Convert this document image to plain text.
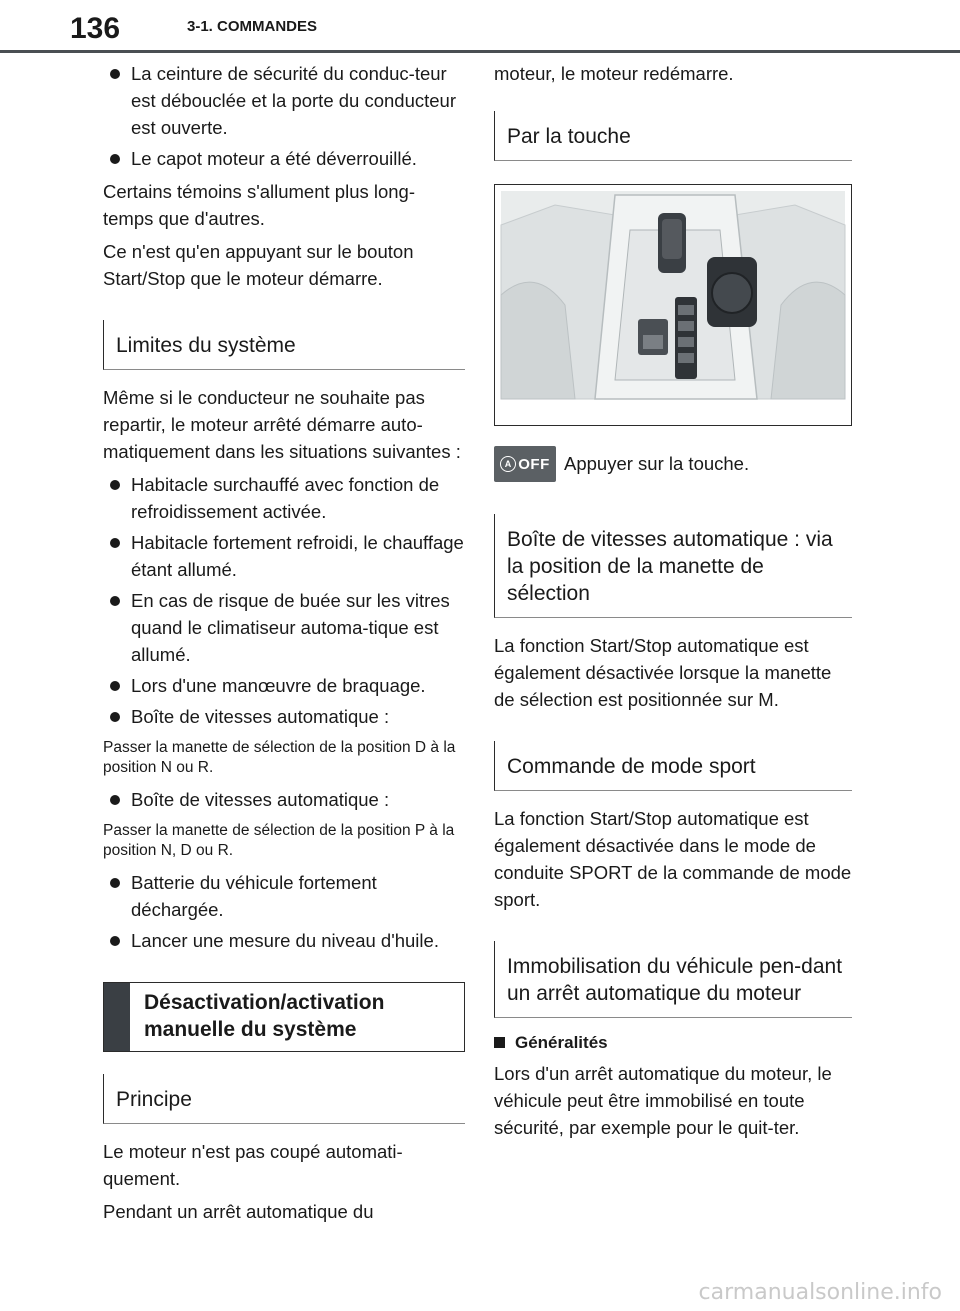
136	3-1. COMMANDES
La ceinture de sécurité du conduc-teur est débouclée et la porte du conducteur est ouverte.
Le capot moteur a été déverrouillé.

Certains témoins s'allument plus long-temps que d'autres.

Ce n'est qu'en appuyant sur le bouton Start/Stop que le moteur démarre.

Limites du système

Même si le conducteur ne souhaite pas repartir, le moteur arrêté démarre auto-matiquement dans les situations suivantes :

Habitacle surchauffé avec fonction de refroidissement activée.
Habitacle fortement refroidi, le chauffage étant allumé.
En cas de risque de buée sur les vitres quand le climatiseur automa-tique est allumé.
Lors d'une manœuvre de braquage.
Boîte de vitesses automatique :
Passer la manette de sélection de la position D à la position N ou R.
Boîte de vitesses automatique :
Passer la manette de sélection de la position P à la position N, D ou R.
Batterie du véhicule fortement déchargée.
Lancer une mesure du niveau d'huile.
Désactivation/activation manuelle du système
Principe

Le moteur n'est pas coupé automati-quement.

Pendant un arrêt automatique du

moteur, le moteur redémarre.

Par la touche
A OFF Appuyer sur la touche.
Boîte de vitesses automatique : via la position de la manette de sélection

La fonction Start/Stop automatique est également désactivée lorsque la manette de sélection est positionnée sur M.

Commande de mode sport

La fonction Start/Stop automatique est également désactivée dans le mode de conduite SPORT de la commande de mode sport.

Immobilisation du véhicule pen-dant un arrêt automatique du moteur
Généralités

Lors d'un arrêt automatique du moteur, le véhicule peut être immobilisé en toute sécurité, par exemple pour le quit-ter.

carmanualsonline.info
